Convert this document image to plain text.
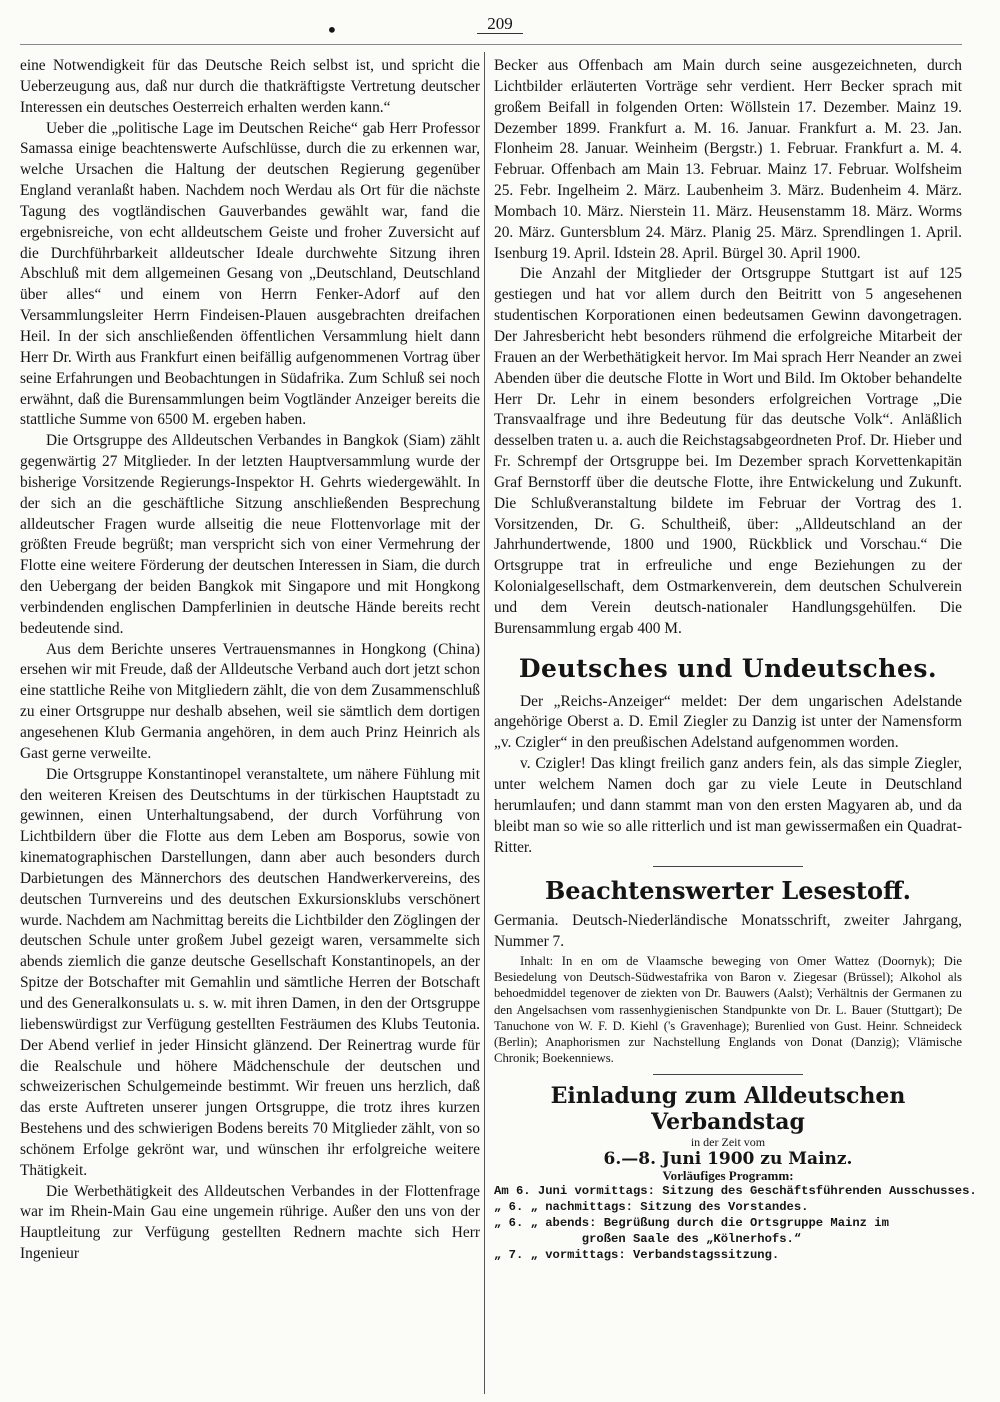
•	209

eine Notwendigkeit für das Deutsche Reich selbst ist, und spricht die Ueberzeugung aus, daß nur durch die thatkräftigste Vertretung deutscher Interessen ein deutsches Oesterreich erhalten werden kann.“

Ueber die „politische Lage im Deutschen Reiche“ gab Herr Professor Samassa einige beachtenswerte Aufschlüsse, durch die zu erkennen war, welche Ursachen die Haltung der deutschen Regierung gegenüber England veranlaßt haben. Nachdem noch Werdau als Ort für die nächste Tagung des vogtländischen Gauverbandes gewählt war, fand die ergebnisreiche, von echt alldeutschem Geiste und froher Zuversicht auf die Durchführbarkeit alldeutscher Ideale durchwehte Sitzung ihren Abschluß mit dem allgemeinen Gesang von „Deutschland, Deutschland über alles“ und einem von Herrn Fenker-Adorf auf den Versammlungsleiter Herrn Findeisen-Plauen ausgebrachten dreifachen Heil. In der sich anschließenden öffentlichen Versammlung hielt dann Herr Dr. Wirth aus Frankfurt einen beifällig aufgenommenen Vortrag über seine Erfahrungen und Beobachtungen in Südafrika. Zum Schluß sei noch erwähnt, daß die Burensammlungen beim Vogtländer Anzeiger bereits die stattliche Summe von 6500 M. ergeben haben.

Die Ortsgruppe des Alldeutschen Verbandes in Bangkok (Siam) zählt gegenwärtig 27 Mitglieder. In der letzten Hauptversammlung wurde der bisherige Vorsitzende Regierungs-Inspektor H. Gehrts wiedergewählt. In der sich an die geschäftliche Sitzung anschließenden Besprechung alldeutscher Fragen wurde allseitig die neue Flottenvorlage mit der größten Freude begrüßt; man verspricht sich von einer Vermehrung der Flotte eine weitere Förderung der deutschen Interessen in Siam, die durch den Uebergang der beiden Bangkok mit Singapore und mit Hongkong verbindenden englischen Dampferlinien in deutsche Hände bereits recht bedeutende sind.

Aus dem Berichte unseres Vertrauensmannes in Hongkong (China) ersehen wir mit Freude, daß der Alldeutsche Verband auch dort jetzt schon eine stattliche Reihe von Mitgliedern zählt, die von dem Zusammenschluß zu einer Ortsgruppe nur deshalb absehen, weil sie sämtlich dem dortigen angesehenen Klub Germania angehören, in dem auch Prinz Heinrich als Gast gerne verweilte.

Die Ortsgruppe Konstantinopel veranstaltete, um nähere Fühlung mit den weiteren Kreisen des Deutschtums in der türkischen Hauptstadt zu gewinnen, einen Unterhaltungsabend, der durch Vorführung von Lichtbildern über die Flotte aus dem Leben am Bosporus, sowie von kinematographischen Darstellungen, dann aber auch besonders durch Darbietungen des Männerchors des deutschen Handwerkervereins, des deutschen Turnvereins und des deutschen Exkursionsklubs verschönert wurde. Nachdem am Nachmittag bereits die Lichtbilder den Zöglingen der deutschen Schule unter großem Jubel gezeigt waren, versammelte sich abends ziemlich die ganze deutsche Gesellschaft Konstantinopels, an der Spitze der Botschafter mit Gemahlin und sämtliche Herren der Botschaft und des Generalkonsulats u. s. w. mit ihren Damen, in den der Ortsgruppe liebenswürdigst zur Verfügung gestellten Festräumen des Klubs Teutonia. Der Abend verlief in jeder Hinsicht glänzend. Der Reinertrag wurde für die Realschule und höhere Mädchenschule der deutschen und schweizerischen Schulgemeinde bestimmt. Wir freuen uns herzlich, daß das erste Auftreten unserer jungen Ortsgruppe, die trotz ihres kurzen Bestehens und des schwierigen Bodens bereits 70 Mitglieder zählt, von so schönem Erfolge gekrönt war, und wünschen ihr erfolgreiche weitere Thätigkeit.

Die Werbethätigkeit des Alldeutschen Verbandes in der Flottenfrage war im Rhein-Main Gau eine ungemein rührige. Außer den uns von der Hauptleitung zur Verfügung gestellten Rednern machte sich Herr Ingenieur

Becker aus Offenbach am Main durch seine ausgezeichneten, durch Lichtbilder erläuterten Vorträge sehr verdient. Herr Becker sprach mit großem Beifall in folgenden Orten: Wöllstein 17. Dezember. Mainz 19. Dezember 1899. Frankfurt a. M. 16. Januar. Frankfurt a. M. 23. Jan. Flonheim 28. Januar. Weinheim (Bergstr.) 1. Februar. Frankfurt a. M. 4. Februar. Offenbach am Main 13. Februar. Mainz 17. Februar. Wolfsheim 25. Febr. Ingelheim 2. März. Laubenheim 3. März. Budenheim 4. März. Mombach 10. März. Nierstein 11. März. Heusenstamm 18. März. Worms 20. März. Guntersblum 24. März. Planig 25. März. Sprendlingen 1. April. Isenburg 19. April. Idstein 28. April. Bürgel 30. April 1900.

Die Anzahl der Mitglieder der Ortsgruppe Stuttgart ist auf 125 gestiegen und hat vor allem durch den Beitritt von 5 angesehenen studentischen Korporationen einen bedeutsamen Gewinn davongetragen. Der Jahresbericht hebt besonders rühmend die erfolgreiche Mitarbeit der Frauen an der Werbethätigkeit hervor. Im Mai sprach Herr Neander an zwei Abenden über die deutsche Flotte in Wort und Bild. Im Oktober behandelte Herr Dr. Lehr in einem besonders erfolgreichen Vortrage „Die Transvaalfrage und ihre Bedeutung für das deutsche Volk“. Anläßlich desselben traten u. a. auch die Reichstagsabgeordneten Prof. Dr. Hieber und Fr. Schrempf der Ortsgruppe bei. Im Dezember sprach Korvettenkapitän Graf Bernstorff über die deutsche Flotte, ihre Entwickelung und Zukunft. Die Schlußveranstaltung bildete im Februar der Vortrag des 1. Vorsitzenden, Dr. G. Schultheiß, über: „Alldeutschland an der Jahrhundertwende, 1800 und 1900, Rückblick und Vorschau.“ Die Ortsgruppe trat in erfreuliche und enge Beziehungen zu der Kolonialgesellschaft, dem Ostmarkenverein, dem deutschen Schulverein und dem Verein deutsch-nationaler Handlungsgehülfen. Die Burensammlung ergab 400 M.

Deutsches und Undeutsches.

Der „Reichs-Anzeiger“ meldet: Der dem ungarischen Adelstande angehörige Oberst a. D. Emil Ziegler zu Danzig ist unter der Namensform „v. Czigler“ in den preußischen Adelstand aufgenommen worden.

v. Czigler! Das klingt freilich ganz anders fein, als das simple Ziegler, unter welchem Namen doch gar zu viele Leute in Deutschland herumlaufen; und dann stammt man von den ersten Magyaren ab, und da bleibt man so wie so alle ritterlich und ist man gewissermaßen ein Quadrat-Ritter.

Beachtenswerter Lesestoff.

Germania. Deutsch-Niederländische Monatsschrift, zweiter Jahrgang, Nummer 7.

Inhalt: In en om de Vlaamsche beweging von Omer Wattez (Doornyk); Die Besiedelung von Deutsch-Südwestafrika von Baron v. Ziegesar (Brüssel); Alkohol als behoedmiddel tegenover de ziekten von Dr. Bauwers (Aalst); Verhältnis der Germanen zu den Angelsachsen vom rassenhygienischen Standpunkte von Dr. L. Bauer (Stuttgart); De Tanuchone von W. F. D. Kiehl ('s Gravenhage); Burenlied von Gust. Heinr. Schneideck (Berlin); Anaphorismen zur Nachstellung Englands von Donat (Danzig); Vlämische Chronik; Boekenniews.

Einladung zum Alldeutschen Verbandstag
in der Zeit vom
6.—8. Juni 1900 zu Mainz.
Vorläufiges Programm:
Am 6. Juni vormittags: Sitzung des Geschäftsführenden Ausschusses.
„ 6. „ nachmittags: Sitzung des Vorstandes.
„ 6. „ abends: Begrüßung durch die Ortsgruppe Mainz im
großen Saale des „Kölnerhofs.“
„ 7. „ vormittags: Verbandstagssitzung.
